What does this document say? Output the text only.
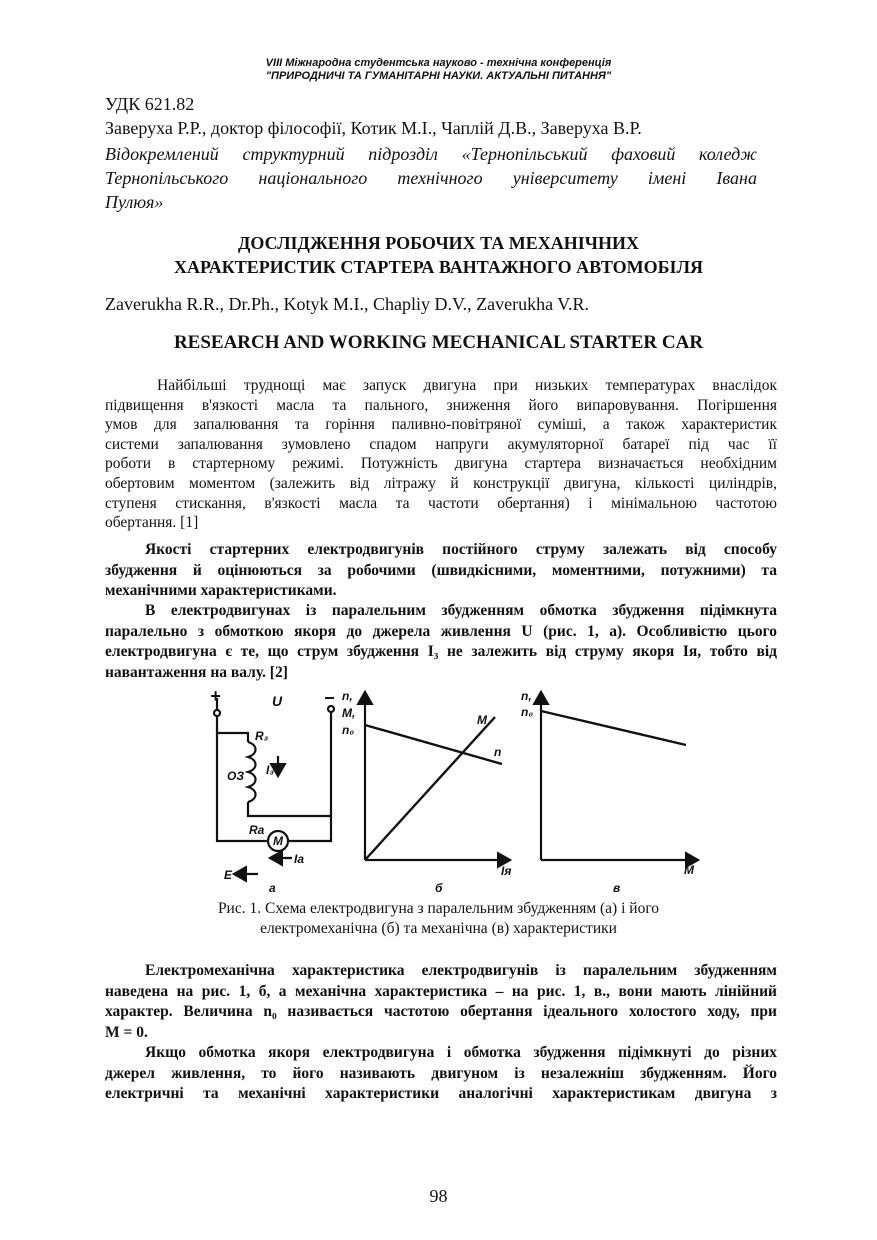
VIII Міжнародна студентська науково - технічна конференція
"ПРИРОДНИЧІ ТА ГУМАНІТАРНІ НАУКИ. АКТУАЛЬНІ ПИТАННЯ"
УДК 621.82
Заверуха Р.Р., доктор філософії, Котик М.І., Чаплій Д.В., Заверуха В.Р.
Відокремлений структурний підрозділ «Тернопільський фаховий коледж
Тернопільського національного технічного університету імені Івана
Пулюя»
ДОСЛІДЖЕННЯ РОБОЧИХ ТА МЕХАНІЧНИХ
ХАРАКТЕРИСТИК СТАРТЕРА ВАНТАЖНОГО АВТОМОБІЛЯ
Zaverukha R.R., Dr.Ph., Kotyk M.I., Chapliy D.V., Zaverukha V.R.
RESEARCH AND WORKING MECHANICAL STARTER CAR
Найбільші труднощі має запуск двигуна при низьких температурах внаслідок
підвищення в'язкості масла та пального, зниження його випаровування. Погіршення
умов для запалювання та горіння паливно-повітряної суміші, а також характеристик
системи запалювання зумовлено спадом напруги акумуляторної батареї під час її
роботи в стартерному режимі. Потужність двигуна стартера визначається необхідним
обертовим моментом (залежить від літражу й конструкції двигуна, кількості циліндрів,
ступеня стискання, в'язкості масла та частоти обертання) і мінімальною частотою
обертання. [1]
Якості стартерних електродвигунів постійного струму залежать від способу
збудження й оцінюються за робочими (швидкісними, моментними, потужними) та
механічними характеристиками.
В електродвигунах із паралельним збудженням обмотка збудження підімкнута
паралельно з обмоткою якоря до джерела живлення U (рис. 1, а). Особливістю цього
електродвигуна є те, що струм збудження I₃ не залежить від струму якоря Iя, тобто від
навантаження на валу. [2]
+	−
U
R₃
ОЗ I₃
Rа
M
Iа
E
а
n,
M,
n₀
M
n
Iя
б
n,
n₀
M
в
Рис. 1. Схема електродвигуна з паралельним збудженням (а) і його
електромеханічна (б) та механічна (в) характеристики
Електромеханічна характеристика електродвигунів із паралельним збудженням
наведена на рис. 1, б, а механічна характеристика – на рис. 1, в., вони мають лінійний
характер. Величина n₀ називається частотою обертання ідеального холостого ходу, при
M = 0.
Якщо обмотка якоря електродвигуна і обмотка збудження підімкнуті до різних
джерел живлення, то його називають двигуном із незалежніш збудженням. Його
електричні та механічні характеристики аналогічні характеристикам двигуна з
98
